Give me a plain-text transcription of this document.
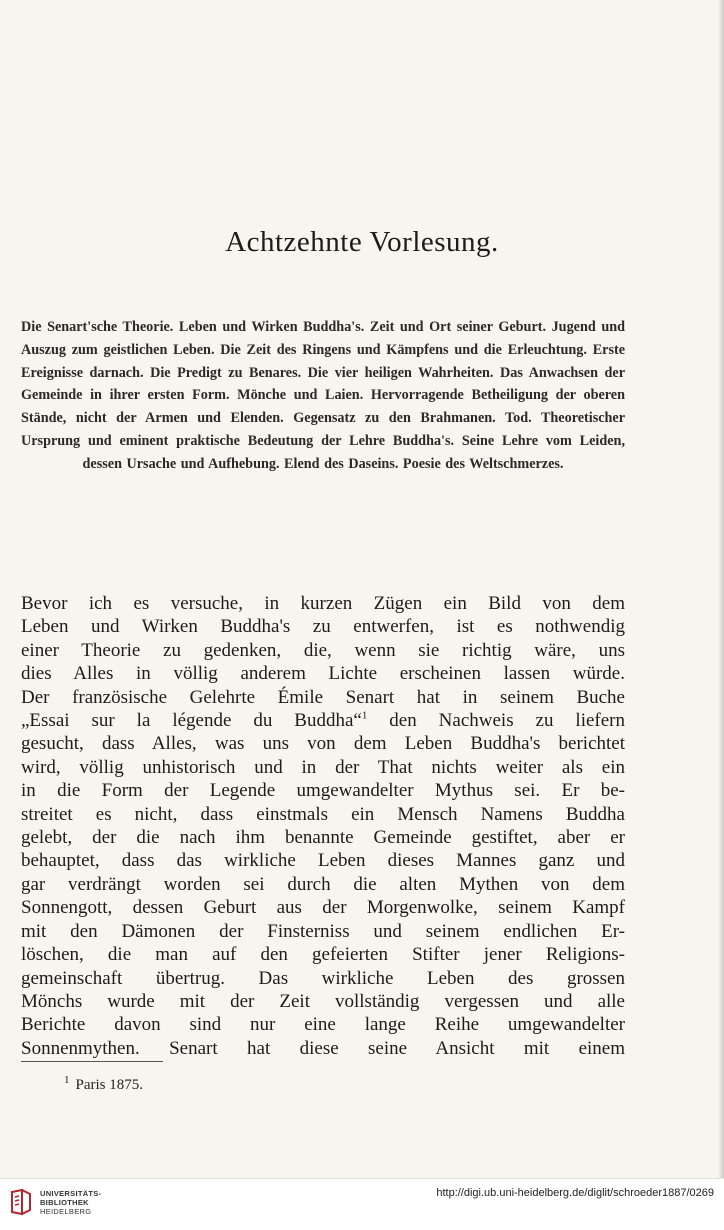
Achtzehnte Vorlesung.
Die Senart'sche Theorie. Leben und Wirken Buddha's. Zeit und Ort seiner Geburt. Jugend und Auszug zum geistlichen Leben. Die Zeit des Ringens und Kämpfens und die Erleuchtung. Erste Ereignisse darnach. Die Predigt zu Benares. Die vier heiligen Wahrheiten. Das Anwachsen der Gemeinde in ihrer ersten Form. Mönche und Laien. Hervorragende Betheiligung der oberen Stände, nicht der Armen und Elenden. Gegensatz zu den Brahmanen. Tod. Theoretischer Ursprung und eminent praktische Bedeutung der Lehre Buddha's. Seine Lehre vom Leiden, dessen Ursache und Aufhebung. Elend des Daseins. Poesie des Weltschmerzes.
Bevor ich es versuche, in kurzen Zügen ein Bild von dem
Leben und Wirken Buddha's zu entwerfen, ist es nothwendig
einer Theorie zu gedenken, die, wenn sie richtig wäre, uns
dies Alles in völlig anderem Lichte erscheinen lassen würde.
Der französische Gelehrte Émile Senart hat in seinem Buche
„Essai sur la légende du Buddha“$^1$ den Nachweis zu liefern
gesucht, dass Alles, was uns von dem Leben Buddha's berichtet
wird, völlig unhistorisch und in der That nichts weiter als ein
in die Form der Legende umgewandelter Mythus sei. Er be-
streitet es nicht, dass einstmals ein Mensch Namens Buddha
gelebt, der die nach ihm benannte Gemeinde gestiftet, aber er
behauptet, dass das wirkliche Leben dieses Mannes ganz und
gar verdrängt worden sei durch die alten Mythen von dem
Sonnengott, dessen Geburt aus der Morgenwolke, seinem Kampf
mit den Dämonen der Finsterniss und seinem endlichen Er-
löschen, die man auf den gefeierten Stifter jener Religions-
gemeinschaft übertrug. Das wirkliche Leben des grossen
Mönchs wurde mit der Zeit vollständig vergessen und alle
Berichte davon sind nur eine lange Reihe umgewandelter
Sonnenmythen. Senart hat diese seine Ansicht mit einem
$^1$ Paris 1875.
UNIVERSITÄTS-
BIBLIOTHEK
HEIDELBERG
http://digi.ub.uni-heidelberg.de/diglit/schroeder1887/0269
